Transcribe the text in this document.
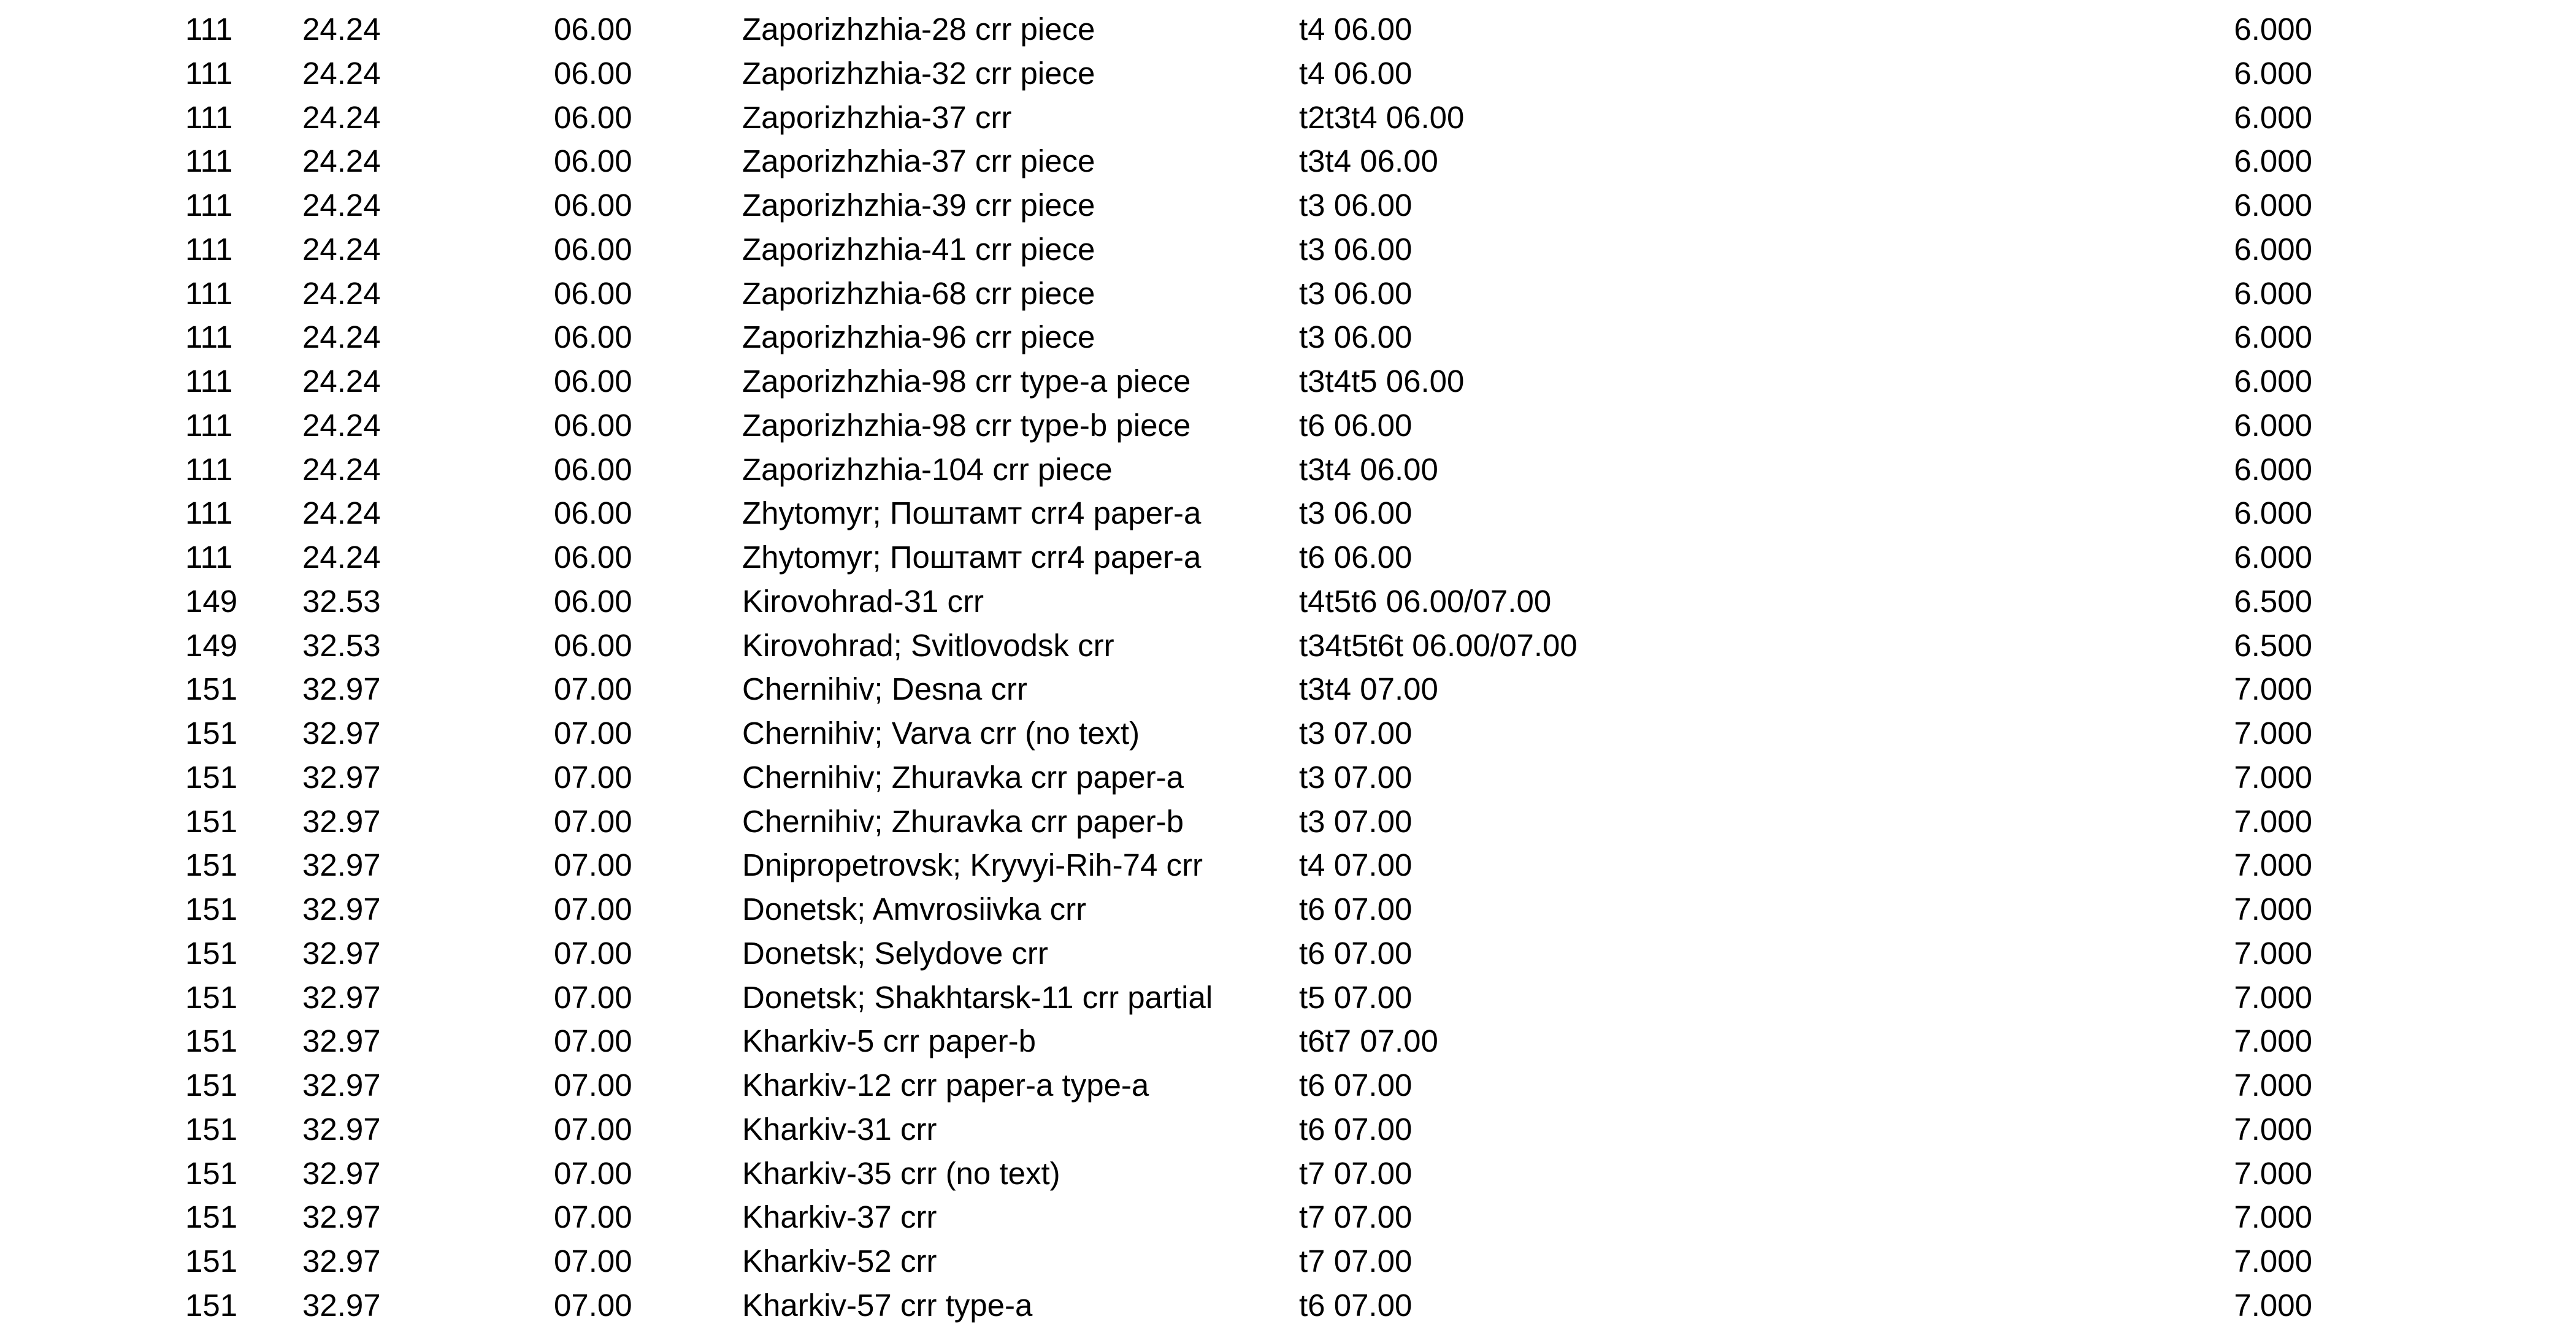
111 24.24	06.00	Zaporizhzhia-28 crr piece	t4 06.00	6.000
111 24.24	06.00	Zaporizhzhia-32 crr piece	t4 06.00	6.000
111 24.24	06.00	Zaporizhzhia-37 crr	t2t3t4 06.00	6.000
111 24.24	06.00	Zaporizhzhia-37 crr piece	t3t4 06.00	6.000
111 24.24	06.00	Zaporizhzhia-39 crr piece	t3 06.00	6.000
111 24.24	06.00	Zaporizhzhia-41 crr piece	t3 06.00	6.000
111 24.24	06.00	Zaporizhzhia-68 crr piece	t3 06.00	6.000
111 24.24	06.00	Zaporizhzhia-96 crr piece	t3 06.00	6.000
111 24.24	06.00	Zaporizhzhia-98 crr type-a piece	t3t4t5 06.00	6.000
111 24.24	06.00	Zaporizhzhia-98 crr type-b piece	t6 06.00	6.000
111 24.24	06.00	Zaporizhzhia-104 crr piece	t3t4 06.00	6.000
111 24.24	06.00	Zhytomyr; Поштамт crr4 paper-a	t3 06.00	6.000
111 24.24	06.00	Zhytomyr; Поштамт crr4 paper-a	t6 06.00	6.000
149 32.53	06.00	Kirovohrad-31 crr	t4t5t6 06.00/07.00	6.500
149 32.53	06.00	Kirovohrad; Svitlovodsk crr	t34t5t6t 06.00/07.00	6.500
151 32.97	07.00	Chernihiv; Desna crr	t3t4 07.00	7.000
151 32.97	07.00	Chernihiv; Varva crr (no text)	t3 07.00	7.000
151 32.97	07.00	Chernihiv; Zhuravka crr paper-a	t3 07.00	7.000
151 32.97	07.00	Chernihiv; Zhuravka crr paper-b	t3 07.00	7.000
151 32.97	07.00	Dnipropetrovsk; Kryvyi-Rih-74 crr	t4 07.00	7.000
151 32.97	07.00	Donetsk; Amvrosiivka crr	t6 07.00	7.000
151 32.97	07.00	Donetsk; Selydove crr	t6 07.00	7.000
151 32.97	07.00	Donetsk; Shakhtarsk-11 crr partial	t5 07.00	7.000
151 32.97	07.00	Kharkiv-5 crr paper-b	t6t7 07.00	7.000
151 32.97	07.00	Kharkiv-12 crr paper-a type-a	t6 07.00	7.000
151 32.97	07.00	Kharkiv-31 crr	t6 07.00	7.000
151 32.97	07.00	Kharkiv-35 crr (no text)	t7 07.00	7.000
151 32.97	07.00	Kharkiv-37 crr	t7 07.00	7.000
151 32.97	07.00	Kharkiv-52 crr	t7 07.00	7.000
151 32.97	07.00	Kharkiv-57 crr type-a	t6 07.00	7.000
